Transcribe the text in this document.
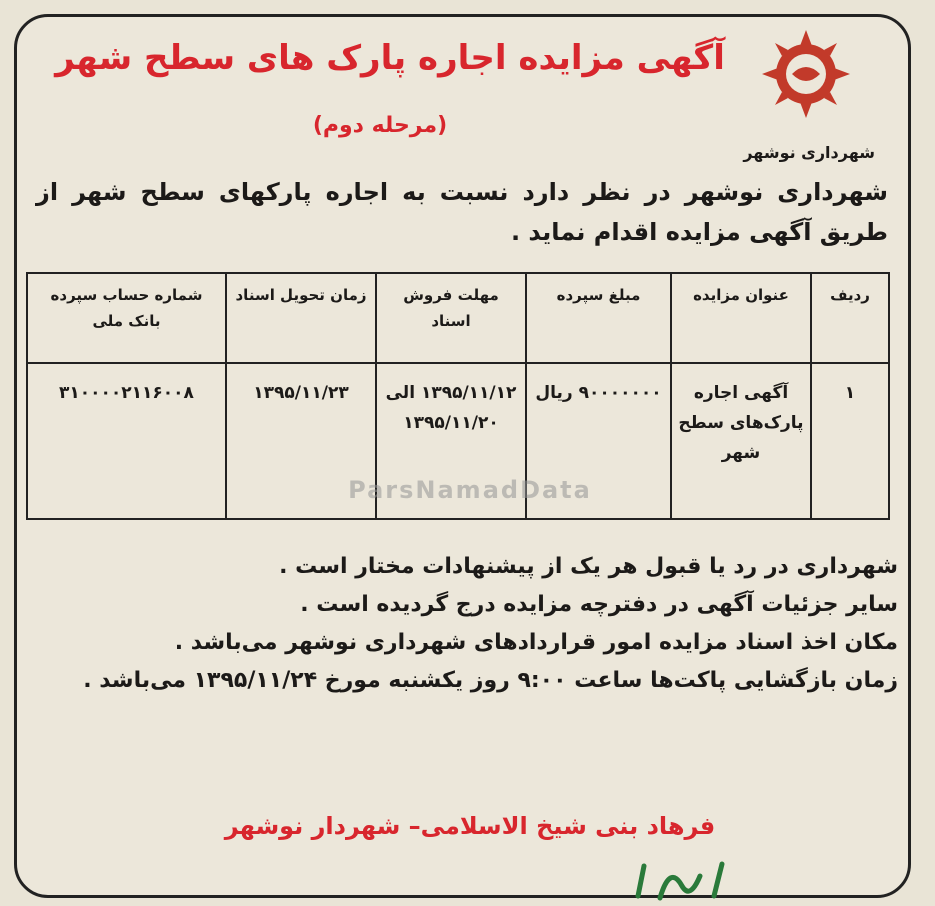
آگهی مزایده اجاره پارک های سطح شهر
(مرحله دوم)
شهرداری نوشهر
شهرداری نوشهر در نظر دارد نسبت به اجاره پارکهای سطح شهر از طریق آگهی مزایده اقدام نماید .
ردیف	عنوان مزایده	مبلغ سپرده	مهلت فروش اسناد	زمان تحویل اسناد	شماره حساب سپرده بانک ملی
۱	آگهی اجاره پارک‌های سطح شهر	۹۰۰۰۰۰۰۰ ریال	۱۳۹۵/۱۱/۱۲ الی ۱۳۹۵/۱۱/۲۰	۱۳۹۵/۱۱/۲۳	۳۱۰۰۰۰۲۱۱۶۰۰۸
ParsNamadData

شهرداری در رد یا قبول هر یک از پیشنهادات مختار است .

سایر جزئیات آگهی در دفترچه مزایده درج گردیده است .

مکان اخذ اسناد مزایده امور قراردادهای شهرداری نوشهر می‌باشد .

زمان بازگشایی پاکت‌ها ساعت ۹:۰۰ روز یکشنبه مورخ ۱۳۹۵/۱۱/۲۴ می‌باشد .

فرهاد بنی شیخ الاسلامی– شهردار نوشهر
